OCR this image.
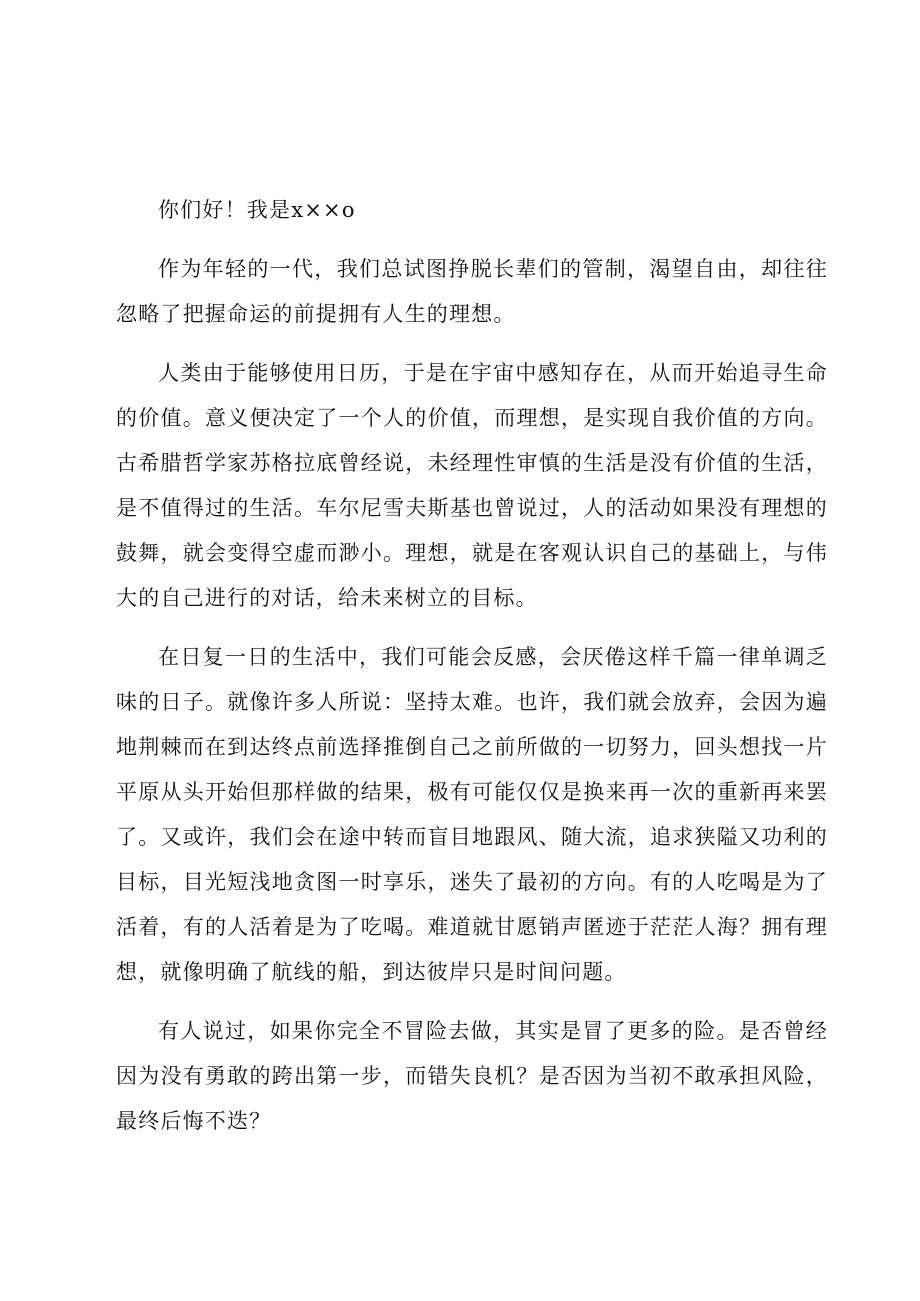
你们好！我是x××o

作为年轻的一代，我们总试图挣脱长辈们的管制，渴望自由，却往往忽略了把握命运的前提拥有人生的理想。

人类由于能够使用日历，于是在宇宙中感知存在，从而开始追寻生命的价值。意义便决定了一个人的价值，而理想，是实现自我价值的方向。古希腊哲学家苏格拉底曾经说，未经理性审慎的生活是没有价值的生活，是不值得过的生活。车尔尼雪夫斯基也曾说过，人的活动如果没有理想的鼓舞，就会变得空虚而渺小。理想，就是在客观认识自己的基础上，与伟大的自己进行的对话，给未来树立的目标。

在日复一日的生活中，我们可能会反感，会厌倦这样千篇一律单调乏味的日子。就像许多人所说：坚持太难。也许，我们就会放弃，会因为遍地荆棘而在到达终点前选择推倒自己之前所做的一切努力，回头想找一片平原从头开始但那样做的结果，极有可能仅仅是换来再一次的重新再来罢了。又或许，我们会在途中转而盲目地跟风、随大流，追求狭隘又功利的目标，目光短浅地贪图一时享乐，迷失了最初的方向。有的人吃喝是为了活着，有的人活着是为了吃喝。难道就甘愿销声匿迹于茫茫人海？拥有理想，就像明确了航线的船，到达彼岸只是时间问题。

有人说过，如果你完全不冒险去做，其实是冒了更多的险。是否曾经因为没有勇敢的跨出第一步，而错失良机？是否因为当初不敢承担风险，最终后悔不迭？
